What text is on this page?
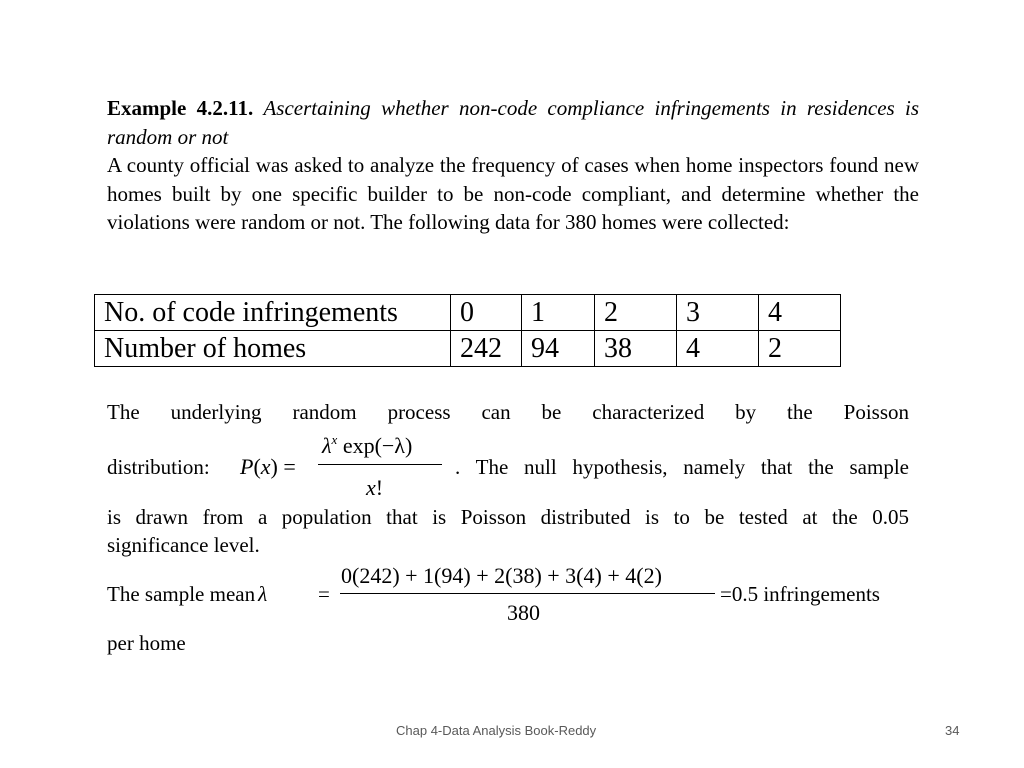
Example 4.2.11. Ascertaining whether non-code compliance infringements in residences is random or not
A county official was asked to analyze the frequency of cases when home inspectors found new homes built by one specific builder to be non-code compliant, and determine whether the violations were random or not. The following data for 380 homes were collected:

No. of code infringements	0	1	2	3	4
Number of homes	242	94	38	4	2
The underlying random process can be characterized by the Poisson
distribution: P(x) =
$\lambda^x$ exp(−λ)
x!
. The null hypothesis, namely that the sample
is drawn from a population that is Poisson distributed is to be tested at the 0.05
significance level.
The sample mean λ =
0(242) + 1(94) + 2(38) + 3(4) + 4(2)
380
=0.5 infringements
per home
Chap 4-Data Analysis Book-Reddy	34
